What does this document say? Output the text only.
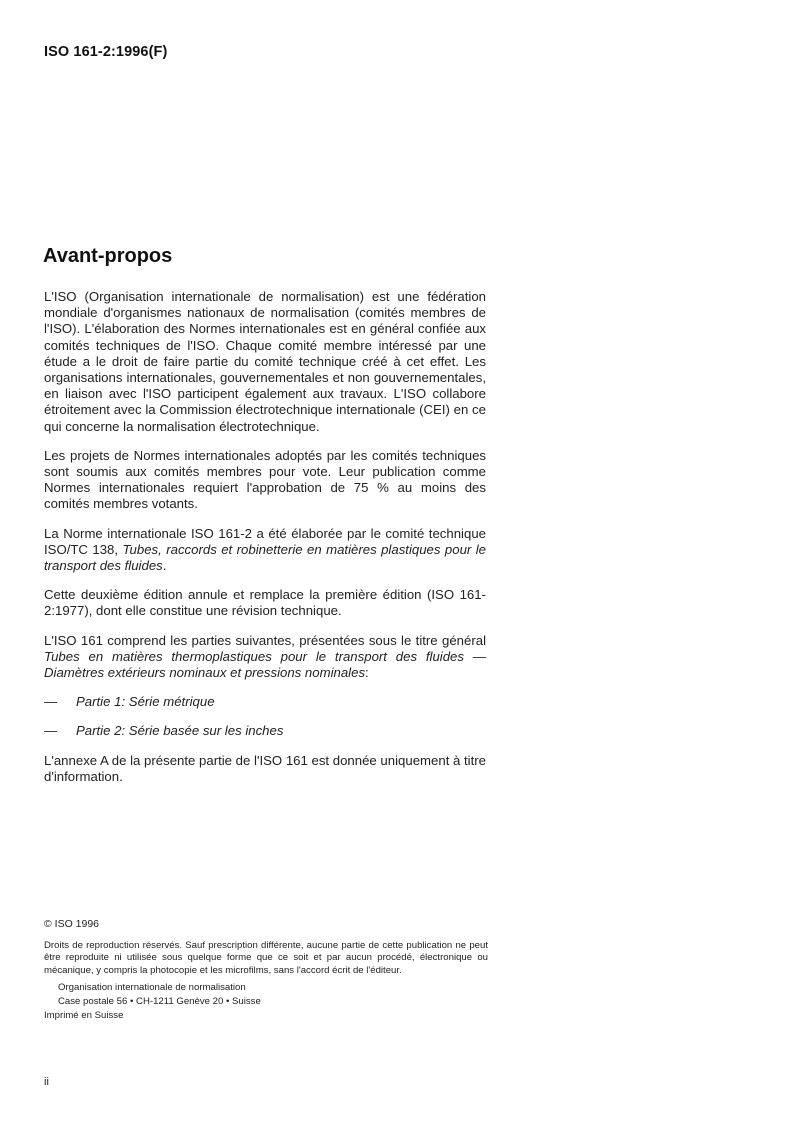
ISO 161-2:1996(F)
Avant-propos

L'ISO (Organisation internationale de normalisation) est une fédération mondiale d'organismes nationaux de normalisation (comités membres de l'ISO). L'élaboration des Normes internationales est en général confiée aux comités techniques de l'ISO. Chaque comité membre intéressé par une étude a le droit de faire partie du comité technique créé à cet effet. Les organisations internationales, gouvernementales et non gouvernementales, en liaison avec l'ISO participent également aux travaux. L'ISO collabore étroitement avec la Commission électrotechnique internationale (CEI) en ce qui concerne la normalisation électrotechnique.

Les projets de Normes internationales adoptés par les comités techniques sont soumis aux comités membres pour vote. Leur publication comme Normes internationales requiert l'approbation de 75 % au moins des comités membres votants.

La Norme internationale ISO 161-2 a été élaborée par le comité technique ISO/TC 138, Tubes, raccords et robinetterie en matières plastiques pour le transport des fluides.

Cette deuxième édition annule et remplace la première édition (ISO 161-2:1977), dont elle constitue une révision technique.

L'ISO 161 comprend les parties suivantes, présentées sous le titre général Tubes en matières thermoplastiques pour le transport des fluides — Diamètres extérieurs nominaux et pressions nominales:

—	Partie 1: Série métrique
—	Partie 2: Série basée sur les inches

L'annexe A de la présente partie de l'ISO 161 est donnée uniquement à titre d'information.

© ISO 1996
Droits de reproduction réservés. Sauf prescription différente, aucune partie de cette publication ne peut être reproduite ni utilisée sous quelque forme que ce soit et par aucun procédé, électronique ou mécanique, y compris la photocopie et les microfilms, sans l'accord écrit de l'éditeur.
Organisation internationale de normalisation
Case postale 56 • CH-1211 Genève 20 • Suisse
Imprimé en Suisse
ii
